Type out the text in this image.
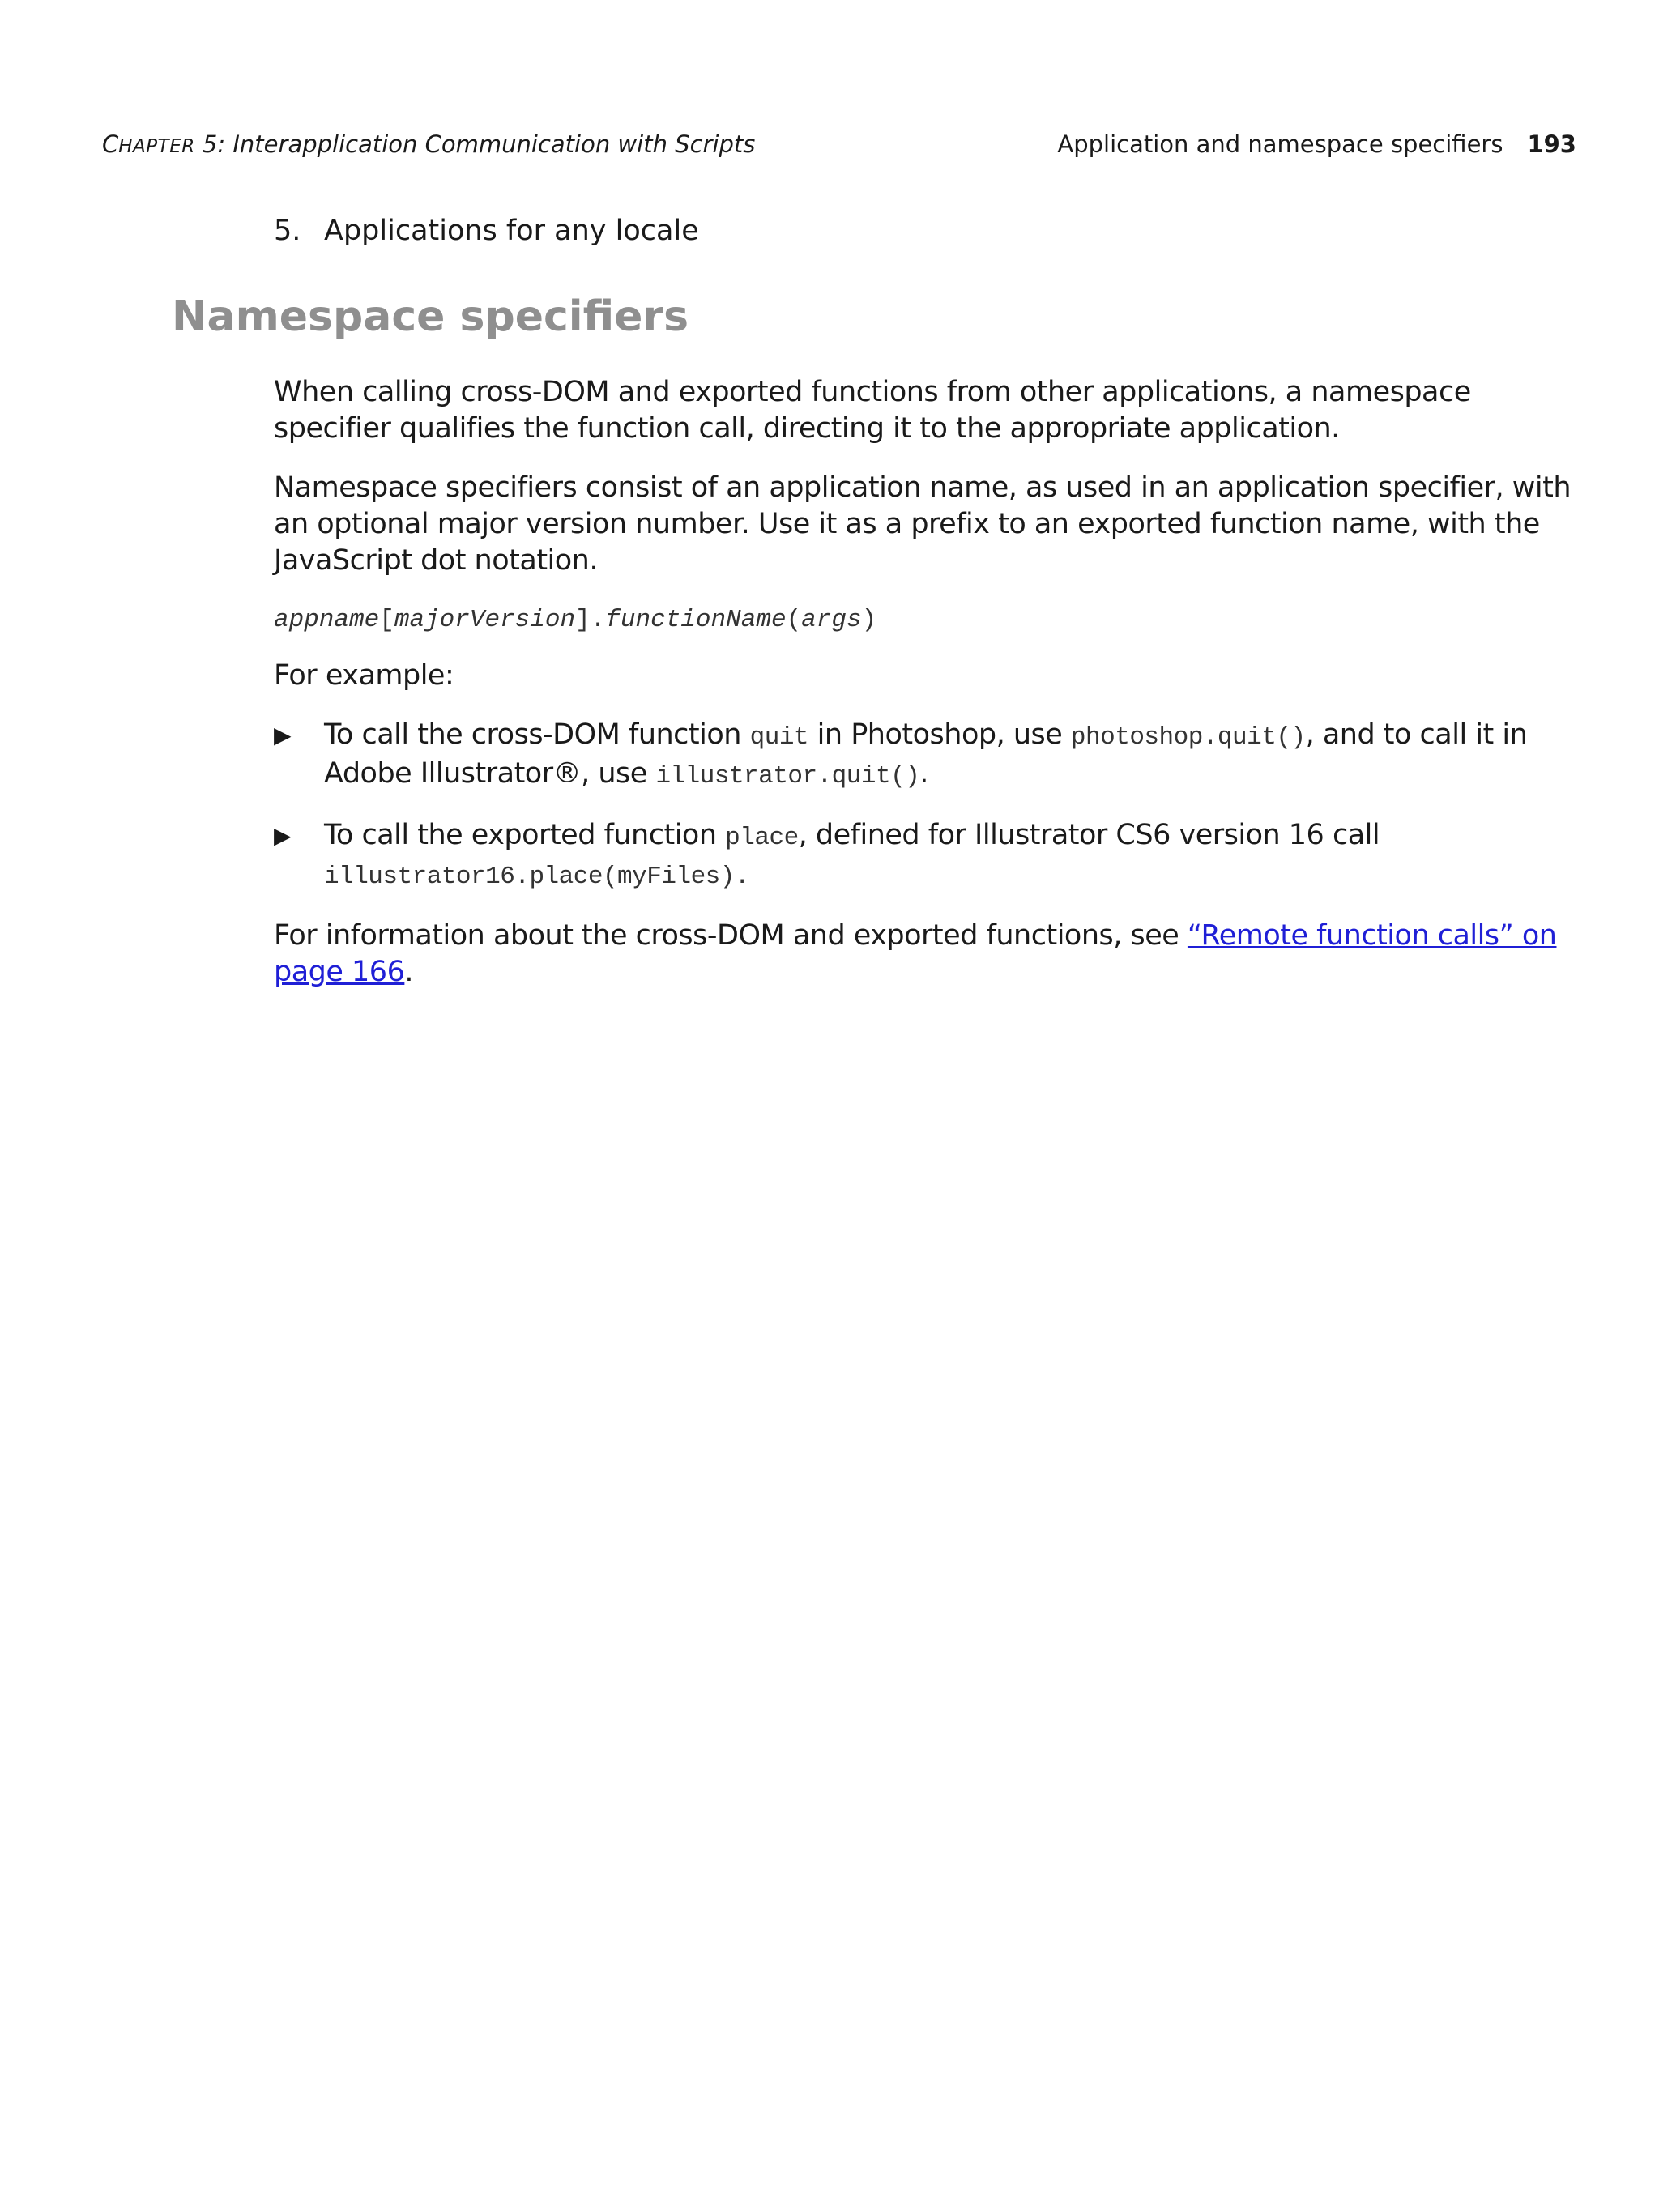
CHAPTER 5: Interapplication Communication with Scripts	Application and namespace specifiers 193

5. Applications for any locale

Namespace specifiers

When calling cross-DOM and exported functions from other applications, a namespace specifier qualifies the function call, directing it to the appropriate application.

Namespace specifiers consist of an application name, as used in an application specifier, with an optional major version number. Use it as a prefix to an exported function name, with the JavaScript dot notation.

appname[majorVersion].functionName(args)

For example:

▶ To call the cross-DOM function quit in Photoshop, use photoshop.quit(), and to call it in Adobe Illustrator®, use illustrator.quit().
▶ To call the exported function place, defined for Illustrator CS6 version 16 call illustrator16.place(myFiles).

For information about the cross-DOM and exported functions, see “Remote function calls” on page 166.
